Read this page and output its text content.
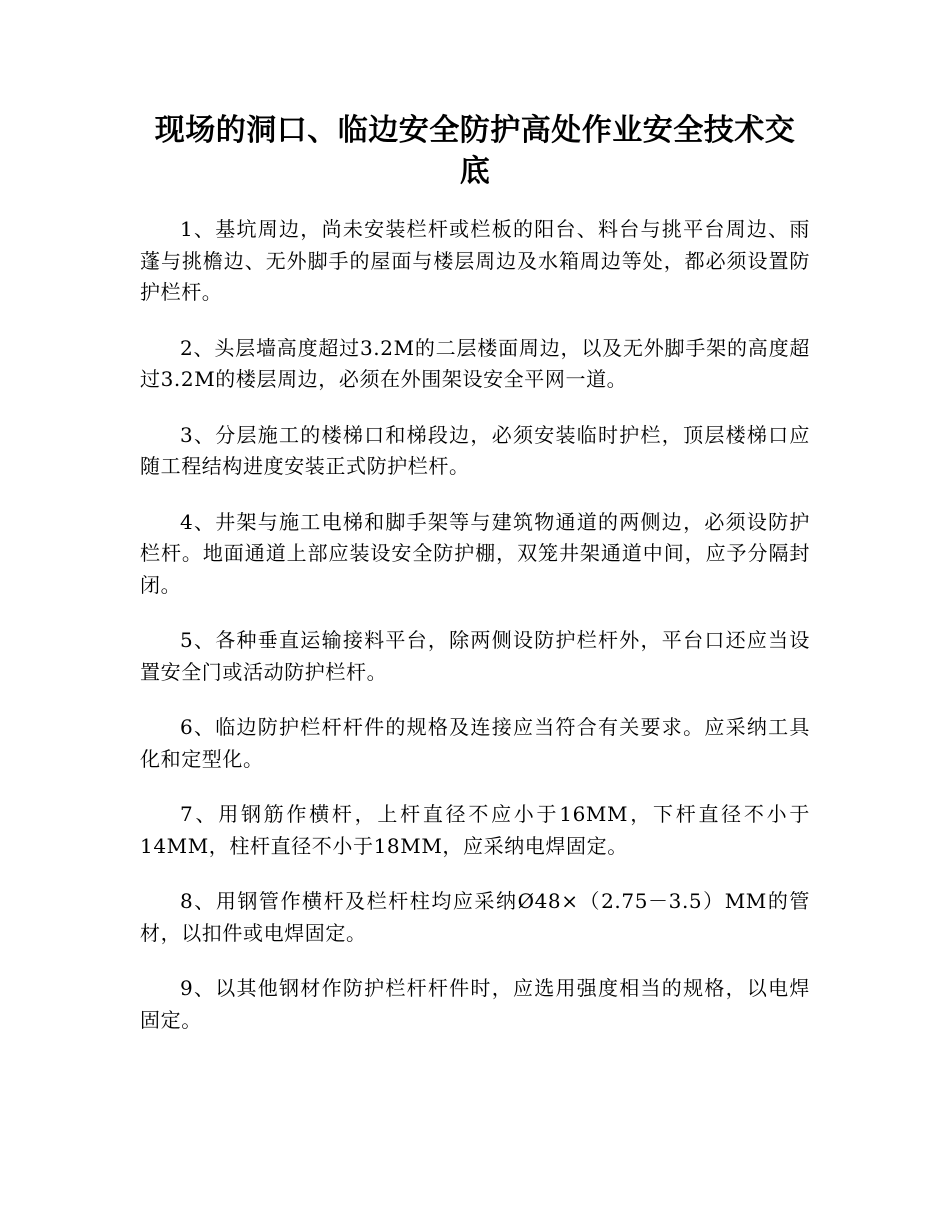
现场的洞口、临边安全防护高处作业安全技术交底

1、基坑周边，尚未安装栏杆或栏板的阳台、料台与挑平台周边、雨蓬与挑檐边、无外脚手的屋面与楼层周边及水箱周边等处，都必须设置防护栏杆。

2、头层墙高度超过3.2M的二层楼面周边，以及无外脚手架的高度超过3.2M的楼层周边，必须在外围架设安全平网一道。

3、分层施工的楼梯口和梯段边，必须安装临时护栏，顶层楼梯口应随工程结构进度安装正式防护栏杆。

4、井架与施工电梯和脚手架等与建筑物通道的两侧边，必须设防护栏杆。地面通道上部应装设安全防护棚，双笼井架通道中间，应予分隔封闭。

5、各种垂直运输接料平台，除两侧设防护栏杆外，平台口还应当设置安全门或活动防护栏杆。

6、临边防护栏杆杆件的规格及连接应当符合有关要求。应采纳工具化和定型化。

7、用钢筋作横杆，上杆直径不应小于16MM，下杆直径不小于14MM，柱杆直径不小于18MM，应采纳电焊固定。

8、用钢管作横杆及栏杆柱均应采纳Ø48×（2.75－3.5）MM的管材，以扣件或电焊固定。

9、以其他钢材作防护栏杆杆件时，应选用强度相当的规格，以电焊固定。
